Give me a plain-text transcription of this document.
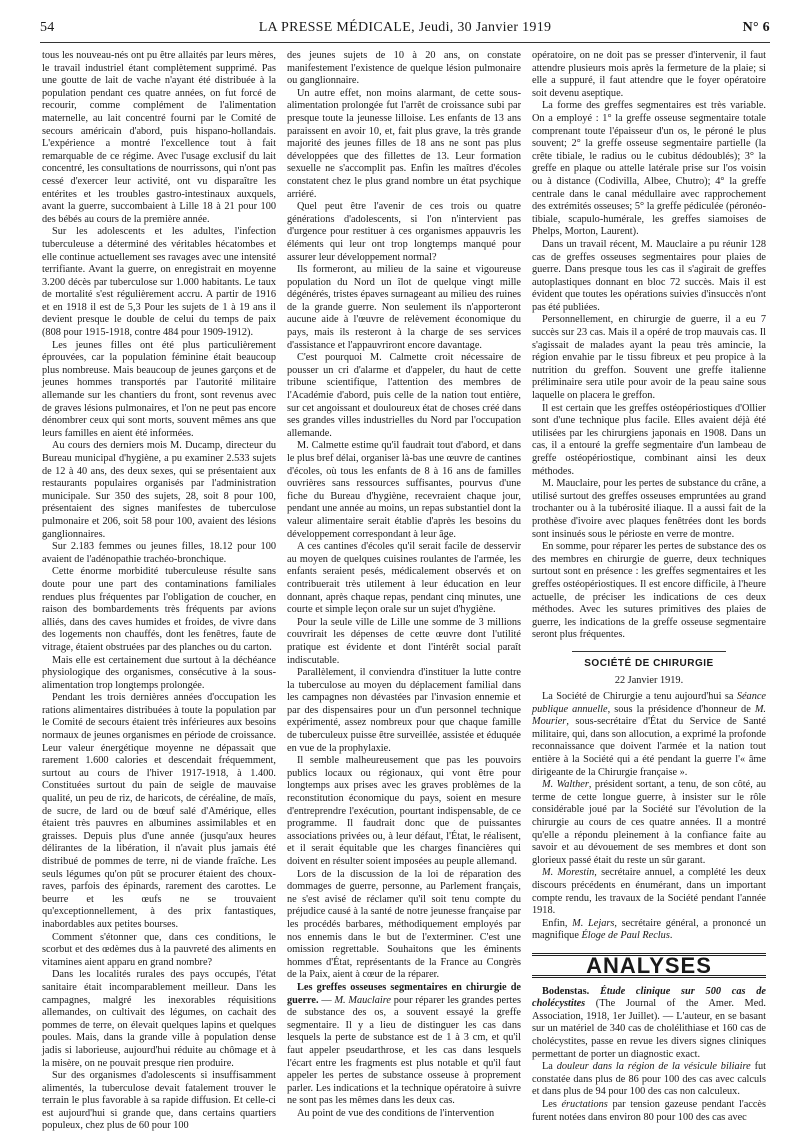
54	LA PRESSE MÉDICALE, Jeudi, 30 Janvier 1919	N° 6

tous les nouveau-nés ont pu être allaités par leurs mères, le travail industriel étant complètement supprimé. Pas une goutte de lait de vache n'ayant été distribuée à la population pendant ces quatre années, on fut forcé de recourir, comme complément de l'alimentation maternelle, au lait concentré fourni par le Comité de secours américain d'abord, puis hispano-hollandais. L'expérience a montré l'excellence tout à fait remarquable de ce régime. Avec l'usage exclusif du lait concentré, les consultations de nourrissons, qui n'ont pas cessé d'exercer leur activité, ont vu disparaître les entérites et les troubles gastro-intestinaux auxquels, avant la guerre, succombaient à Lille 18 à 21 pour 100 des bébés au cours de la première année.

Sur les adolescents et les adultes, l'infection tuberculeuse a déterminé des véritables hécatombes et elle continue actuellement ses ravages avec une intensité terrifiante. Avant la guerre, on enregistrait en moyenne 3.200 décès par tuberculose sur 1.000 habitants. Le taux de mortalité s'est régulièrement accru. A partir de 1916 et en 1918 il est de 5,3 Pour les sujets de 1 à 19 ans il devient presque le double de celui du temps de paix (808 pour 1915-1918, contre 484 pour 1909-1912).

Les jeunes filles ont été plus particulièrement éprouvées, car la population féminine était beaucoup plus nombreuse. Mais beaucoup de jeunes garçons et de jeunes hommes transportés par l'autorité militaire allemande sur les chantiers du front, sont revenus avec de graves lésions pulmonaires, et l'on ne peut pas encore dénombrer ceux qui sont morts, souvent mêmes ans que leurs familles en aient été informées.

Au cours des derniers mois M. Ducamp, directeur du Bureau municipal d'hygiène, a pu examiner 2.533 sujets de 12 à 40 ans, des deux sexes, qui se présentaient aux restaurants populaires organisés par l'administration municipale. Sur 350 des sujets, 28, soit 8 pour 100, présentaient des signes manifestes de tuberculose pulmonaire et 206, soit 58 pour 100, avaient des lésions ganglionnaires.

Sur 2.183 femmes ou jeunes filles, 18.12 pour 100 avaient de l'adénopathie trachéo-bronchique.

Cette énorme morbidité tuberculeuse résulte sans doute pour une part des contaminations familiales rendues plus fréquentes par l'obligation de coucher, en raison des bombardements très fréquents par avions alliés, dans des caves humides et froides, de vivre dans des logements non chauffés, dont les fenêtres, faute de vitrage, étaient obstruées par des planches ou du carton.

Mais elle est certainement due surtout à la déchéance physiologique des organismes, consécutive à la sous-alimentation trop longtemps prolongée.

Pendant les trois dernières années d'occupation les rations alimentaires distribuées à toute la population par le Comité de secours étaient très inférieures aux besoins normaux de jeunes organismes en période de croissance. Leur valeur énergétique moyenne ne dépassait que rarement 1.600 calories et descendait fréquemment, surtout au cours de l'hiver 1917-1918, à 1.400. Constituées surtout du pain de seigle de mauvaise qualité, un peu de riz, de haricots, de céréaline, de maïs, de sucre, de lard ou de bœuf salé d'Amérique, elles étaient très pauvres en albumines assimilables et en graisses. Depuis plus d'une année (jusqu'aux heures délirantes de la libération, il n'avait plus jamais été distribué de pommes de terre, ni de viande fraîche. Les seuls légumes qu'on pût se procurer étaient des choux-raves, parfois des épinards, rarement des carottes. Le beurre et les œufs ne se trouvaient qu'exceptionnellement, à des prix fantastiques, inabordables aux petites bourses.

Comment s'étonner que, dans ces conditions, le scorbut et des œdèmes dus à la pauvreté des aliments en vitamines aient apparu en grand nombre?

Dans les localités rurales des pays occupés, l'état sanitaire était incomparablement meilleur. Dans les campagnes, malgré les inexorables réquisitions allemandes, on cultivait des légumes, on cachait des pommes de terre, on élevait quelques lapins et quelques poules. Mais, dans la grande ville à population dense jadis si laborieuse, aujourd'hui réduite au chômage et à la misère, on ne pouvait presque rien produire.

Sur des organismes d'adolescents si insuffisamment alimentés, la tuberculose devait fatalement trouver le terrain le plus favorable à sa rapide diffusion. Et celle-ci est aujourd'hui si grande que, dans certains quartiers populeux, chez plus de 60 pour 100

des jeunes sujets de 10 à 20 ans, on constate manifestement l'existence de quelque lésion pulmonaire ou ganglionnaire.

Un autre effet, non moins alarmant, de cette sous-alimentation prolongée fut l'arrêt de croissance subi par presque toute la jeunesse lilloise. Les enfants de 13 ans paraissent en avoir 10, et, fait plus grave, la très grande majorité des jeunes filles de 18 ans ne sont pas plus développées que des fillettes de 13. Leur formation sexuelle ne s'accomplit pas. Enfin les maîtres d'écoles constatent chez le plus grand nombre un état psychique arriéré.

Quel peut être l'avenir de ces trois ou quatre générations d'adolescents, si l'on n'intervient pas d'urgence pour restituer à ces organismes appauvris les éléments qui leur ont trop longtemps manqué pour assurer leur développement normal?

Ils formeront, au milieu de la saine et vigoureuse population du Nord un îlot de quelque vingt mille dégénérés, tristes épaves surnageant au milieu des ruines de la grande guerre. Non seulement ils n'apporteront aucune aide à l'œuvre de relèvement économique du pays, mais ils resteront à la charge de ses services d'assistance et l'appauvriront encore davantage.

C'est pourquoi M. Calmette croit nécessaire de pousser un cri d'alarme et d'appeler, du haut de cette tribune scientifique, l'attention des membres de l'Académie d'abord, puis celle de la nation tout entière, sur cet angoissant et douloureux état de choses créé dans ses grandes villes industrielles du Nord par l'occupation allemande.

M. Calmette estime qu'il faudrait tout d'abord, et dans le plus bref délai, organiser là-bas une œuvre de cantines d'écoles, où tous les enfants de 8 à 16 ans de familles ouvrières sans ressources suffisantes, pourvus d'une fiche du Bureau d'hygiène, recevraient chaque jour, pendant une année au moins, un repas substantiel dont la valeur alimentaire serait établie d'après les besoins du développement correspondant à leur âge.

A ces cantines d'écoles qu'il serait facile de desservir au moyen de quelques cuisines roulantes de l'armée, les enfants seraient pesés, médicalement observés et on contribuerait très utilement à leur éducation en leur donnant, après chaque repas, pendant cinq minutes, une courte et simple leçon orale sur un sujet d'hygiène.

Pour la seule ville de Lille une somme de 3 millions couvrirait les dépenses de cette œuvre dont l'utilité pratique est évidente et dont l'intérêt social paraît indiscutable.

Parallèlement, il conviendra d'instituer la lutte contre la tuberculose au moyen du déplacement familial dans les campagnes non dévastées par l'invasion ennemie et par des dispensaires pour un d'un personnel technique expérimenté, assez nombreux pour que chaque famille de tuberculeux puisse être surveillée, assistée et éduquée en vue de la prophylaxie.

Il semble malheureusement que pas les pouvoirs publics locaux ou régionaux, qui vont être pour longtemps aux prises avec les graves problèmes de la reconstitution économique du pays, soient en mesure d'entreprendre l'exécution, pourtant indispensable, de ce programme. Il faudrait donc que de puissantes associations privées ou, à leur défaut, l'État, le réalisent, et il serait équitable que les charges financières qui doivent en résulter soient imposées au peuple allemand.

Lors de la discussion de la loi de réparation des dommages de guerre, personne, au Parlement français, ne s'est avisé de réclamer qu'il soit tenu compte du préjudice causé à la santé de notre jeunesse française par les procédés barbares, méthodiquement employés par nos ennemis dans le but de l'exterminer. C'est une omission regrettable. Souhaitons que les éminents hommes d'État, représentants de la France au Congrès de la Paix, aient à cœur de la réparer.

Les greffes osseuses segmentaires en chirurgie de guerre. — M. Mauclaire pour réparer les grandes pertes de substance des os, a souvent essayé la greffe segmentaire. Il y a lieu de distinguer les cas dans lesquels la perte de substance est de 1 à 3 cm, et qu'il faut appeler pseudarthrose, et les cas dans lesquels l'écart entre les fragments est plus notable et qu'il faut appeler les pertes de substance osseuse à proprement parler. Les indications et la technique opératoire à suivre ne sont pas les mêmes dans les deux cas.

Au point de vue des conditions de l'intervention

opératoire, on ne doit pas se presser d'intervenir, il faut attendre plusieurs mois après la fermeture de la plaie; si elle a suppuré, il faut attendre que le foyer opératoire soit devenu aseptique.

La forme des greffes segmentaires est très variable. On a employé : 1° la greffe osseuse segmentaire totale comprenant toute l'épaisseur d'un os, le péroné le plus souvent; 2° la greffe osseuse segmentaire partielle (la crête tibiale, le radius ou le cubitus dédoublés); 3° la greffe en plaque ou attelle latérale prise sur l'os voisin ou à distance (Codivilla, Albee, Chutro); 4° la greffe centrale dans le canal médullaire avec rapprochement des extrémités osseuses; 5° la greffe pédiculée (péronéo-tibiale, scapulo-humérale, les greffes siamoises de Phelps, Morton, Laurent).

Dans un travail récent, M. Mauclaire a pu réunir 128 cas de greffes osseuses segmentaires pour plaies de guerre. Dans presque tous les cas il s'agirait de greffes autoplastiques donnant en bloc 72 succès. Mais il est évident que toutes les opérations suivies d'insuccès n'ont pas été publiées.

Personnellement, en chirurgie de guerre, il a eu 7 succès sur 23 cas. Mais il a opéré de trop mauvais cas. Il s'agissait de malades ayant la peau très amincie, la région envahie par le tissu fibreux et peu propice à la nutrition du greffon. Souvent une greffe italienne préliminaire sera utile pour avoir de la peau saine sous laquelle on placera le greffon.

Il est certain que les greffes ostéopériostiques d'Ollier sont d'une technique plus facile. Elles avaient déjà été utilisées par les chirurgiens japonais en 1908. Dans un cas, il a entouré la greffe segmentaire d'un lambeau de greffe ostéopériostique, combinant ainsi les deux méthodes.

M. Mauclaire, pour les pertes de substance du crâne, a utilisé surtout des greffes osseuses empruntées au grand trochanter ou à la tubérosité iliaque. Il a aussi fait de la prothèse d'ivoire avec plaques fenêtrées dont les bords sont insinués sous le périoste en verre de montre.

En somme, pour réparer les pertes de substance des os des membres en chirurgie de guerre, deux techniques surtout sont en présence : les greffes segmentaires et les greffes ostéopériostiques. Il est encore difficile, à l'heure actuelle, de préciser les indications de ces deux méthodes. Avec les sutures primitives des plaies de guerre, les indications de la greffe osseuse segmentaire seront plus fréquentes.

SOCIÉTÉ DE CHIRURGIE
22 Janvier 1919.

La Société de Chirurgie a tenu aujourd'hui sa Séance publique annuelle, sous la présidence d'honneur de M. Mourier, sous-secrétaire d'État du Service de Santé militaire, qui, dans son allocution, a exprimé la profonde reconnaissance que doivent l'armée et la nation tout entière à la Société qui a été pendant la guerre l'« âme dirigeante de la Chirurgie française ».

M. Walther, président sortant, a tenu, de son côté, au terme de cette longue guerre, à insister sur le rôle considérable joué par la Société sur l'évolution de la chirurgie au cours de ces quatre années. Il a montré qu'elle a répondu pleinement à la confiance faite au savoir et au dévouement de ses membres et dont son glorieux passé était du reste un sûr garant.

M. Morestin, secrétaire annuel, a complété les deux discours précédents en énumérant, dans un important compte rendu, les travaux de la Société pendant l'année 1918.

Enfin, M. Lejars, secrétaire général, a prononcé un magnifique Éloge de Paul Reclus.

ANALYSES

Bodenstas. Étude clinique sur 500 cas de cholécystites (The Journal of the Amer. Med. Association, 1918, 1er Juillet). — L'auteur, en se basant sur un matériel de 340 cas de cholélithiase et 160 cas de cholécystites, passe en revue les divers signes cliniques permettant de porter un diagnostic exact.

La douleur dans la région de la vésicule biliaire fut constatée dans plus de 86 pour 100 des cas avec calculs et dans plus de 94 pour 100 des cas non calculeux.

Les éructations par tension gazeuse pendant l'accès furent notées dans environ 80 pour 100 des cas avec
